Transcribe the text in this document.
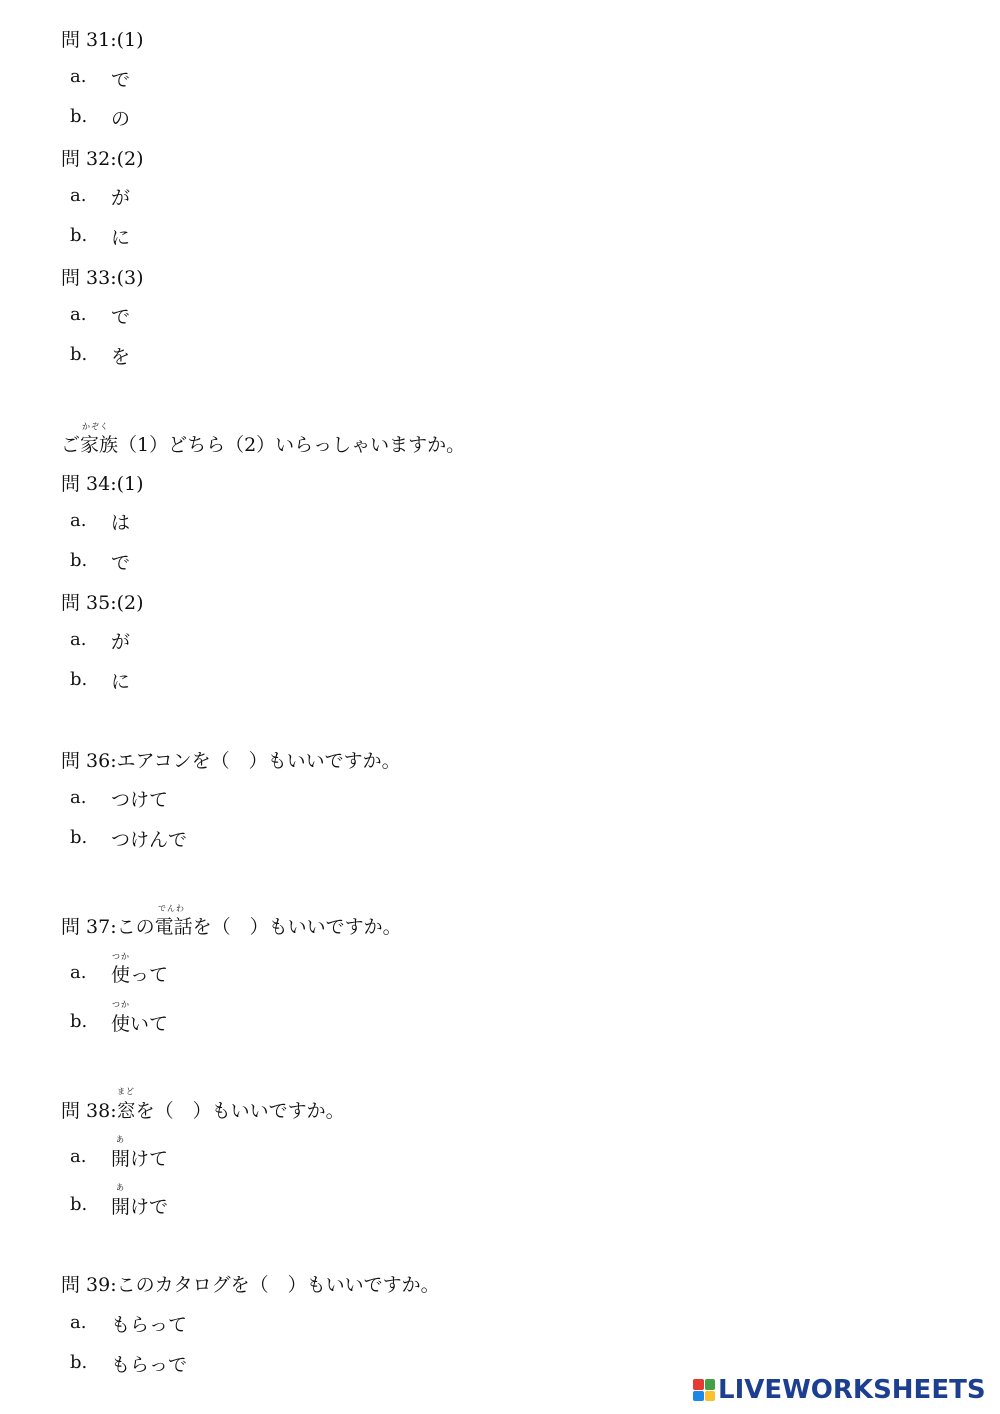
問 31:(1)
a. で
b. の
問 32:(2)
a. が
b. に
問 33:(3)
a. で
b. を
かぞく
ご家族（1）どちら（2）いらっしゃいますか。
問 34:(1)
a. は
b. で
問 35:(2)
a. が
b. に
問 36:エアコンを（　）もいいですか。
a. つけて
b. つけんで
でんわ
問 37:この電話を（　）もいいですか。
つか
a. 使って
つか
b. 使いて
まど
問 38:窓を（　）もいいですか。
あ
a. 開けて
あ
b. 開けで
問 39:このカタログを（　）もいいですか。
a. もらって
b. もらっで
LIVEWORKSHEETS
